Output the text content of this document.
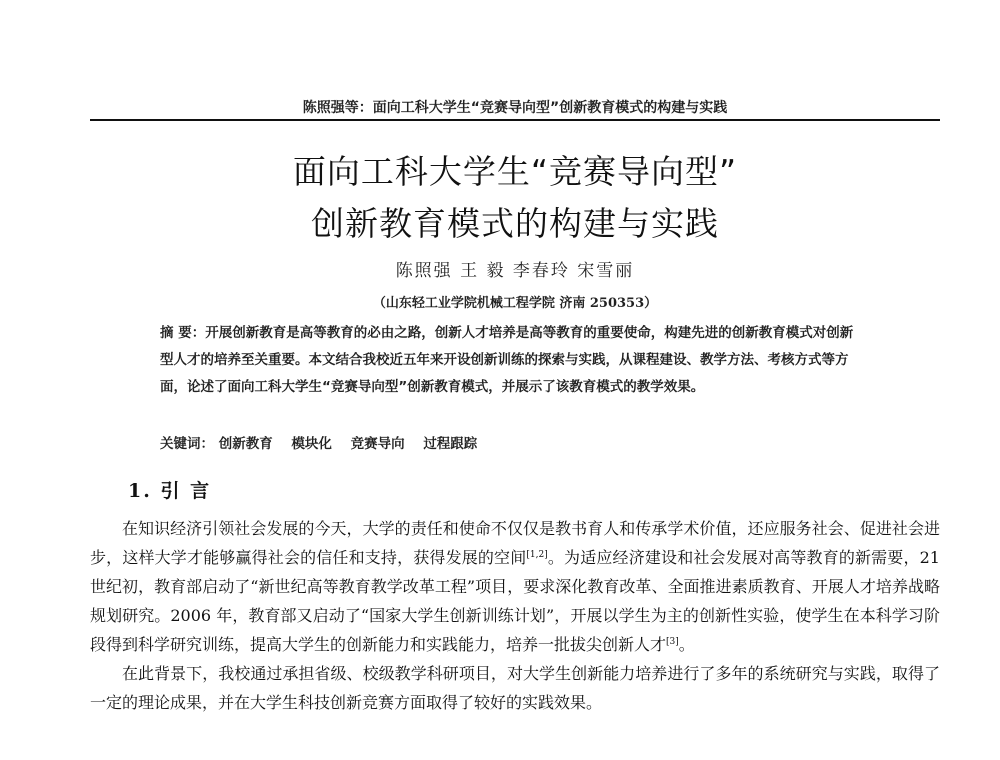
陈照强等：面向工科大学生“竞赛导向型”创新教育模式的构建与实践
面向工科大学生“竞赛导向型”
创新教育模式的构建与实践
陈照强 王 毅 李春玲 宋雪丽
（山东轻工业学院机械工程学院 济南 250353）
摘 要：开展创新教育是高等教育的必由之路，创新人才培养是高等教育的重要使命，构建先进的创新教育模式对创新型人才的培养至关重要。本文结合我校近五年来开设创新训练的探索与实践，从课程建设、教学方法、考核方式等方面，论述了面向工科大学生“竞赛导向型”创新教育模式，并展示了该教育模式的教学效果。
关键词： 创新教育 模块化 竞赛导向 过程跟踪
1. 引 言

在知识经济引领社会发展的今天，大学的责任和使命不仅仅是教书育人和传承学术价值，还应服务社会、促进社会进步，这样大学才能够赢得社会的信任和支持，获得发展的空间[1,2]。为适应经济建设和社会发展对高等教育的新需要，21 世纪初，教育部启动了“新世纪高等教育教学改革工程”项目，要求深化教育改革、全面推进素质教育、开展人才培养战略规划研究。2006 年，教育部又启动了“国家大学生创新训练计划”，开展以学生为主的创新性实验，使学生在本科学习阶段得到科学研究训练，提高大学生的创新能力和实践能力，培养一批拔尖创新人才[3]。

在此背景下，我校通过承担省级、校级教学科研项目，对大学生创新能力培养进行了多年的系统研究与实践，取得了一定的理论成果，并在大学生科技创新竞赛方面取得了较好的实践效果。
